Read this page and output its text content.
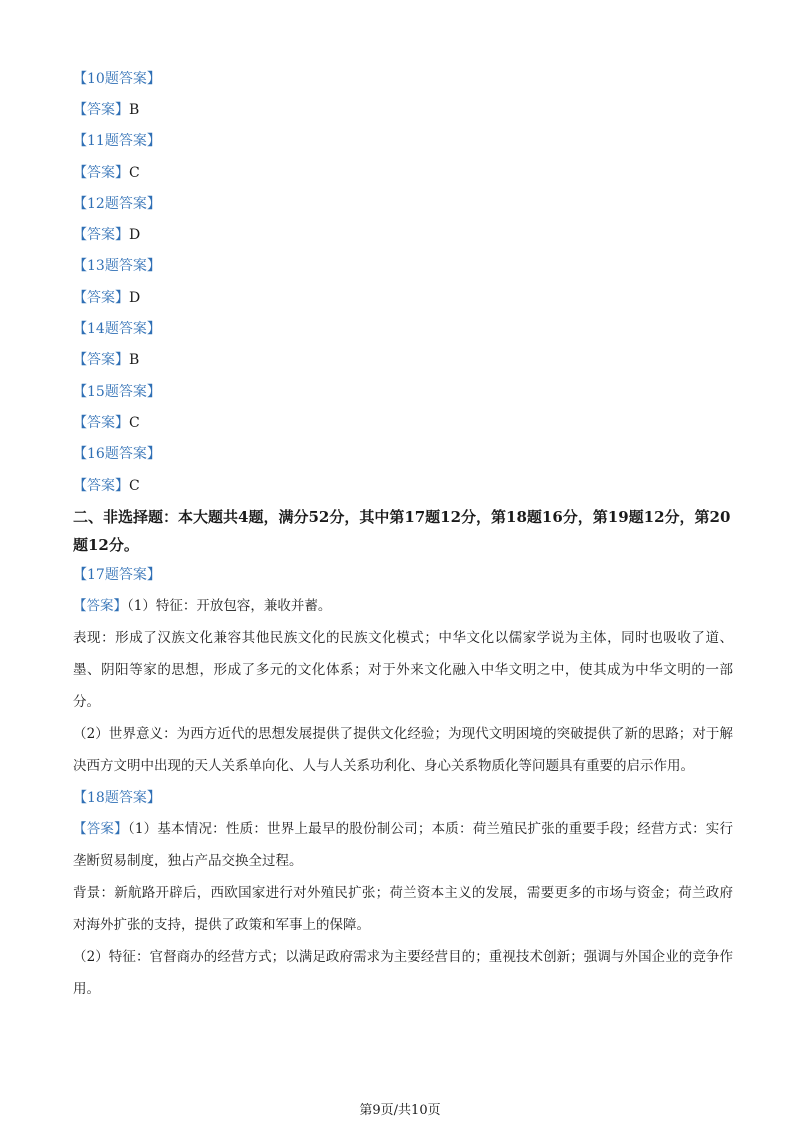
【10题答案】
【答案】 B
【11题答案】
【答案】 C
【12题答案】
【答案】 D
【13题答案】
【答案】 D
【14题答案】
【答案】 B
【15题答案】
【答案】 C
【16题答案】
【答案】 C
二、非选择题：本大题共4题，满分52分，其中第17题12分，第18题16分，第19题12分，第20题12分。
【17题答案】
【答案】（1）特征：开放包容，兼收并蓄。
表现：形成了汉族文化兼容其他民族文化的民族文化模式；中华文化以儒家学说为主体，同时也吸收了道、墨、阴阳等家的思想，形成了多元的文化体系；对于外来文化融入中华文明之中，使其成为中华文明的一部分。
（2）世界意义：为西方近代的思想发展提供了提供文化经验；为现代文明困境的突破提供了新的思路；对于解决西方文明中出现的天人关系单向化、人与人关系功利化、身心关系物质化等问题具有重要的启示作用。
【18题答案】
【答案】（1）基本情况：性质：世界上最早的股份制公司；本质：荷兰殖民扩张的重要手段；经营方式：实行垄断贸易制度，独占产品交换全过程。
背景：新航路开辟后，西欧国家进行对外殖民扩张；荷兰资本主义的发展，需要更多的市场与资金；荷兰政府对海外扩张的支持，提供了政策和军事上的保障。
（2）特征：官督商办的经营方式；以满足政府需求为主要经营目的；重视技术创新；强调与外国企业的竞争作用。
第9页/共10页
